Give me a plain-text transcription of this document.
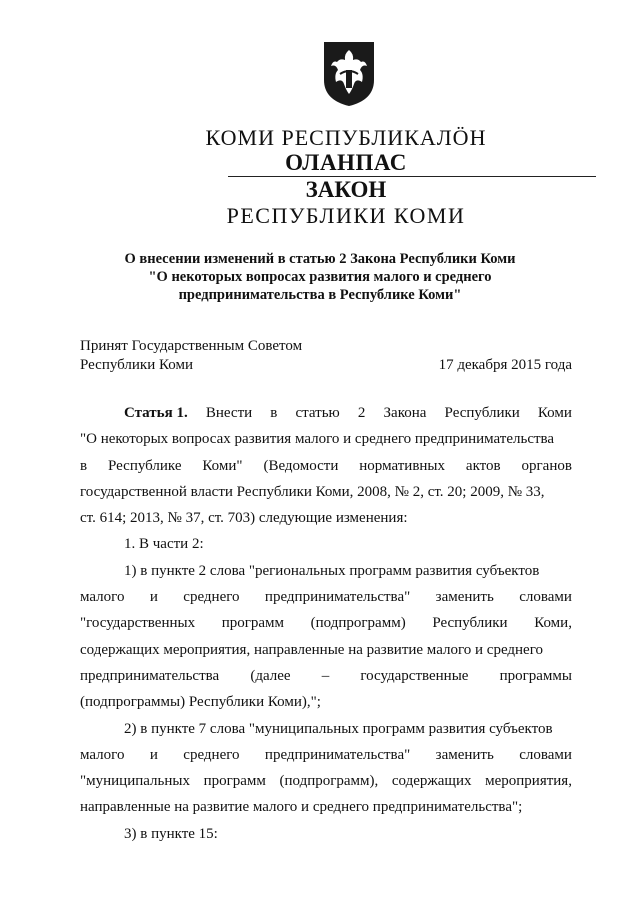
КОМИ РЕСПУБЛИКАЛӦН
ОЛАНПАС
ЗАКОН
РЕСПУБЛИКИ КОМИ
О внесении изменений в статью 2 Закона Республики Коми
"О некоторых вопросах развития малого и среднего
предпринимательства в Республике Коми"
Принят Государственным Советом
Республики Коми	17 декабря 2015 года
Статья 1. Внести в статью 2 Закона Республики Коми
"О некоторых вопросах развития малого и среднего предпринимательства
в Республике Коми" (Ведомости нормативных актов органов
государственной власти Республики Коми, 2008, № 2, ст. 20; 2009, № 33,
ст. 614; 2013, № 37, ст. 703) следующие изменения:
1. В части 2:
1) в пункте 2 слова "региональных программ развития субъектов
малого и среднего предпринимательства" заменить словами
"государственных программ (подпрограмм) Республики Коми,
содержащих мероприятия, направленные на развитие малого и среднего
предпринимательства (далее – государственные программы
(подпрограммы) Республики Коми),";
2) в пункте 7 слова "муниципальных программ развития субъектов
малого и среднего предпринимательства" заменить словами
"муниципальных программ (подпрограмм), содержащих мероприятия,
направленные на развитие малого и среднего предпринимательства";
3) в пункте 15:
